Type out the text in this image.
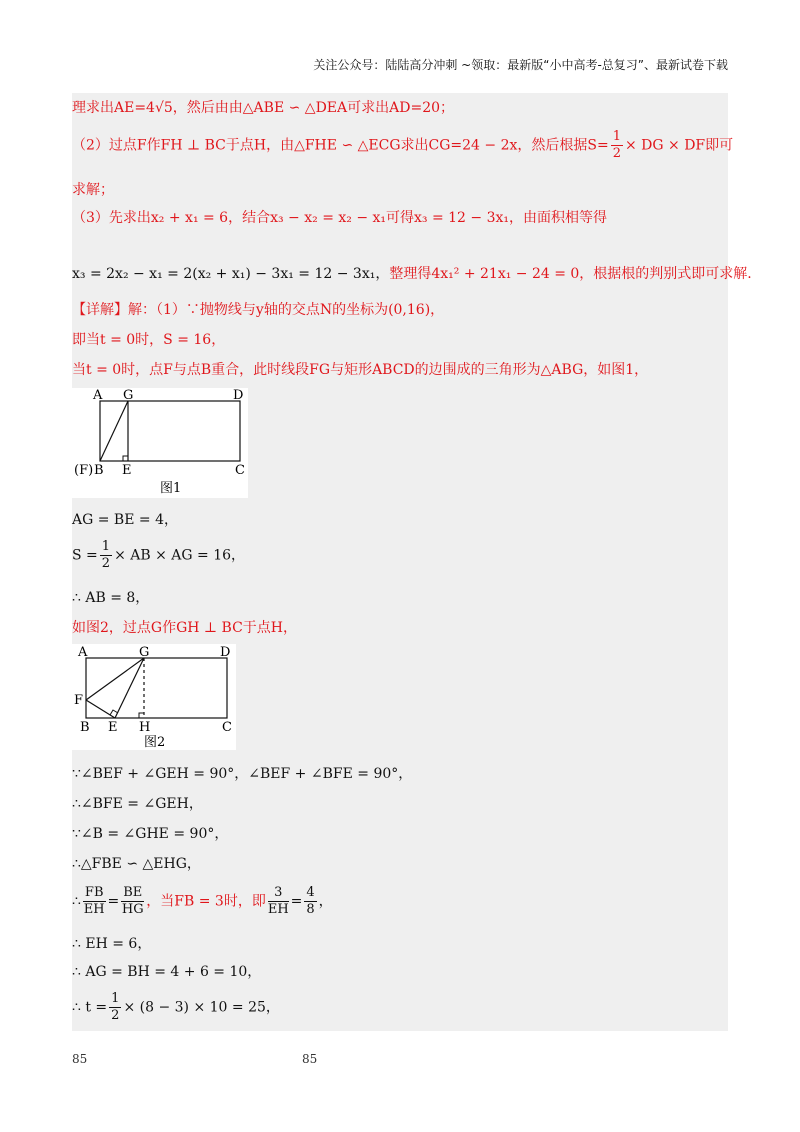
关注公众号：陆陆高分冲刺 ~领取：最新版“小中高考-总复习”、最新试卷下载
理求出AE=4√5，然后由由△ABE ∽ △DEA可求出AD=20；
（2）过点F作FH ⊥ BC于点H，由△FHE ∽ △ECG求出CG=24 − 2x，然后根据$S= \frac{1}{2}$ × DG × DF即可
求解；
（3）先求出x₂ + x₁ = 6，结合x₃ − x₂ = x₂ − x₁可得x₃ = 12 − 3x₁，由面积相等得
x₃ = 2x₂ − x₁ = 2(x₂ + x₁) − 3x₁ = 12 − 3x₁，整理得4x₁² + 21x₁ − 24 = 0，根据根的判别式即可求解.
【详解】解：（1）∵抛物线与y轴的交点N的坐标为(0,16)，
即当t = 0时，S = 16，
当t = 0时，点F与点B重合，此时线段FG与矩形ABCD的边围成的三角形为△ABG，如图1，
A G	D
(F) B E	C
图1
AG = BE = 4，
$S = \frac{1}{2}$ × AB × AG = 16，
∴ AB = 8，
如图2，过点G作GH ⊥ BC于点H，
A	G	D
F
B E H	C
图2
∵∠BEF + ∠GEH = 90°，∠BEF + ∠BFE = 90°，
∴∠BFE = ∠GEH，
∵∠B = ∠GHE = 90°，
∴△FBE ∽ △EHG，
∴ $\frac{FB}{EH} = \frac{BE}{HG}$ ，当FB = 3时，即 $\frac{3}{EH} = \frac{4}{8}$ ，
∴ EH = 6，
∴ AG = BH = 4 + 6 = 10，
∴ $t = \frac{1}{2} \times (8 - 3) \times 10 = 25$，
85	85
